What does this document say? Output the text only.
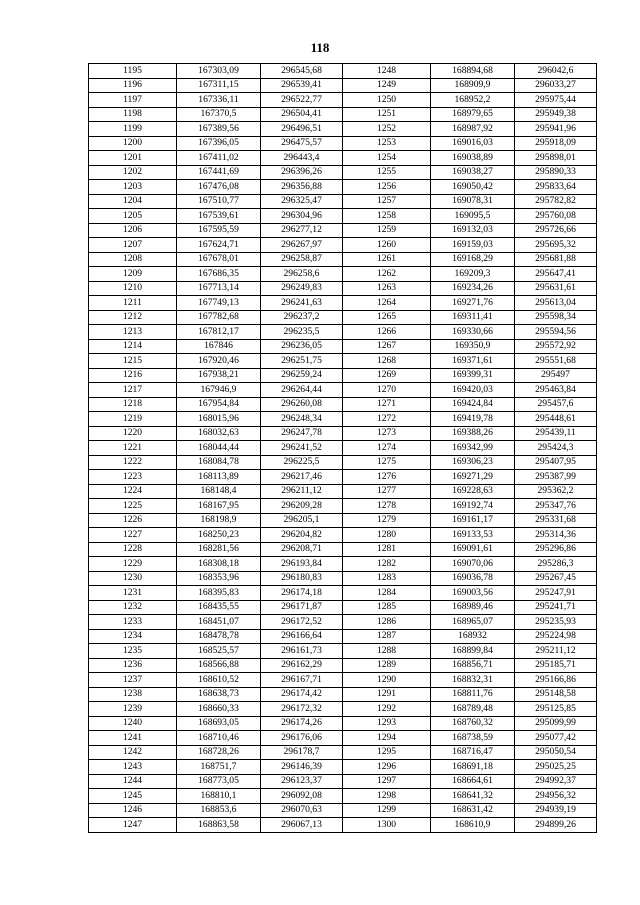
118
1195	167303,09	296545,68	1248	168894,68	296042,6
1196	167311,15	296539,41	1249	168909,9	296033,27
1197	167336,11	296522,77	1250	168952,2	295975,44
1198	167370,5	296504,41	1251	168979,65	295949,38
1199	167389,56	296496,51	1252	168987,92	295941,96
1200	167396,05	296475,57	1253	169016,03	295918,09
1201	167411,02	296443,4	1254	169038,89	295898,01
1202	167441,69	296396,26	1255	169038,27	295890,33
1203	167476,08	296356,88	1256	169050,42	295833,64
1204	167510,77	296325,47	1257	169078,31	295782,82
1205	167539,61	296304,96	1258	169095,5	295760,08
1206	167595,59	296277,12	1259	169132,03	295726,66
1207	167624,71	296267,97	1260	169159,03	295695,32
1208	167678,01	296258,87	1261	169168,29	295681,88
1209	167686,35	296258,6	1262	169209,3	295647,41
1210	167713,14	296249,83	1263	169234,26	295631,61
1211	167749,13	296241,63	1264	169271,76	295613,04
1212	167782,68	296237,2	1265	169311,41	295598,34
1213	167812,17	296235,5	1266	169330,66	295594,56
1214	167846	296236,05	1267	169350,9	295572,92
1215	167920,46	296251,75	1268	169371,61	295551,68
1216	167938,21	296259,24	1269	169399,31	295497
1217	167946,9	296264,44	1270	169420,03	295463,84
1218	167954,84	296260,08	1271	169424,84	295457,6
1219	168015,96	296248,34	1272	169419,78	295448,61
1220	168032,63	296247,78	1273	169388,26	295439,11
1221	168044,44	296241,52	1274	169342,99	295424,3
1222	168084,78	296225,5	1275	169306,23	295407,95
1223	168113,89	296217,46	1276	169271,29	295387,99
1224	168148,4	296211,12	1277	169228,63	295362,2
1225	168167,95	296209,28	1278	169192,74	295347,76
1226	168198,9	296205,1	1279	169161,17	295331,68
1227	168250,23	296204,82	1280	169133,53	295314,36
1228	168281,56	296208,71	1281	169091,61	295296,86
1229	168308,18	296193,84	1282	169070,06	295286,3
1230	168353,96	296180,83	1283	169036,78	295267,45
1231	168395,83	296174,18	1284	169003,56	295247,91
1232	168435,55	296171,87	1285	168989,46	295241,71
1233	168451,07	296172,52	1286	168965,07	295235,93
1234	168478,78	296166,64	1287	168932	295224,98
1235	168525,57	296161,73	1288	168899,84	295211,12
1236	168566,88	296162,29	1289	168856,71	295185,71
1237	168610,52	296167,71	1290	168832,31	295166,86
1238	168638,73	296174,42	1291	168811,76	295148,58
1239	168660,33	296172,32	1292	168789,48	295125,85
1240	168693,05	296174,26	1293	168760,32	295099,99
1241	168710,46	296176,06	1294	168738,59	295077,42
1242	168728,26	296178,7	1295	168716,47	295050,54
1243	168751,7	296146,39	1296	168691,18	295025,25
1244	168773,05	296123,37	1297	168664,61	294992,37
1245	168810,1	296092,08	1298	168641,32	294956,32
1246	168853,6	296070,63	1299	168631,42	294939,19
1247	168863,58	296067,13	1300	168610,9	294899,26
